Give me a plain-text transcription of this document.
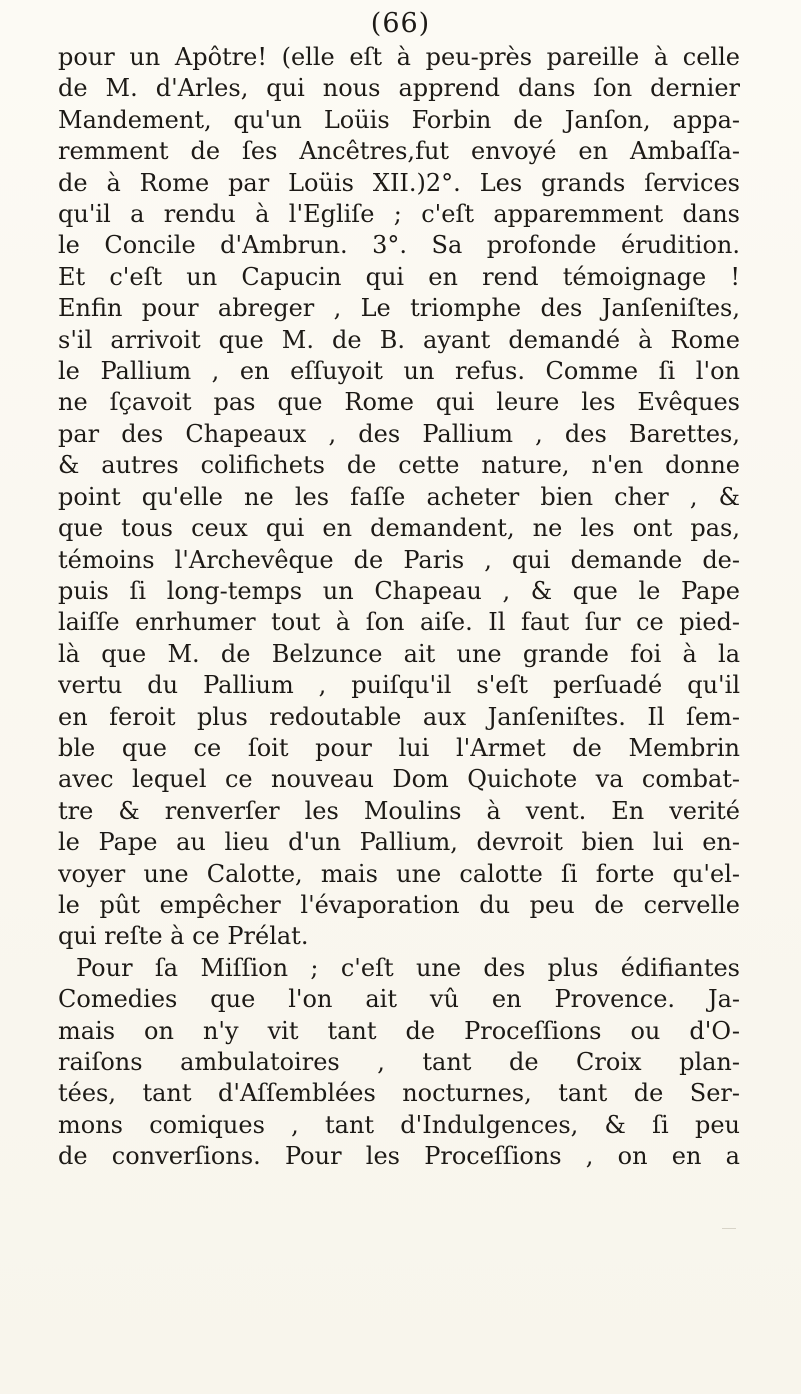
(66)
pour un Apôtre! (elle eſt à peu-près pareille à celle
de M. d'Arles, qui nous apprend dans ſon dernier
Mandement, qu'un Loüis Forbin de Janſon, appa-
remment de ſes Ancêtres,fut envoyé en Ambaſſa-
de à Rome par Loüis XII.)2°. Les grands ſervices
qu'il a rendu à l'Egliſe ; c'eſt apparemment dans
le Concile d'Ambrun. 3°. Sa profonde érudition.
Et c'eſt un Capucin qui en rend témoignage !
Enfin pour abreger , Le triomphe des Janſeniſtes,
s'il arrivoit que M. de B. ayant demandé à Rome
le Pallium , en eſſuyoit un refus. Comme ſi l'on
ne ſçavoit pas que Rome qui leure les Evêques
par des Chapeaux , des Pallium , des Barettes,
& autres colifichets de cette nature, n'en donne
point qu'elle ne les faſſe acheter bien cher , &
que tous ceux qui en demandent, ne les ont pas,
témoins l'Archevêque de Paris , qui demande de-
puis ſi long-temps un Chapeau , & que le Pape
laiſſe enrhumer tout à ſon aiſe. Il faut ſur ce pied-
là que M. de Belzunce ait une grande foi à la
vertu du Pallium , puiſqu'il s'eſt perſuadé qu'il
en feroit plus redoutable aux Janſeniſtes. Il ſem-
ble que ce ſoit pour lui l'Armet de Membrin
avec lequel ce nouveau Dom Quichote va combat-
tre & renverſer les Moulins à vent. En verité
le Pape au lieu d'un Pallium, devroit bien lui en-
voyer une Calotte, mais une calotte ſi forte qu'el-
le pût empêcher l'évaporation du peu de cervelle
qui reſte à ce Prélat.
Pour ſa Miſſion ; c'eſt une des plus édifiantes
Comedies que l'on ait vû en Provence. Ja-
mais on n'y vit tant de Proceſſions ou d'O-
raiſons ambulatoires , tant de Croix plan-
tées, tant d'Aſſemblées nocturnes, tant de Ser-
mons comiques , tant d'Indulgences, & ſi peu
de converſions. Pour les Proceſſions , on en a
